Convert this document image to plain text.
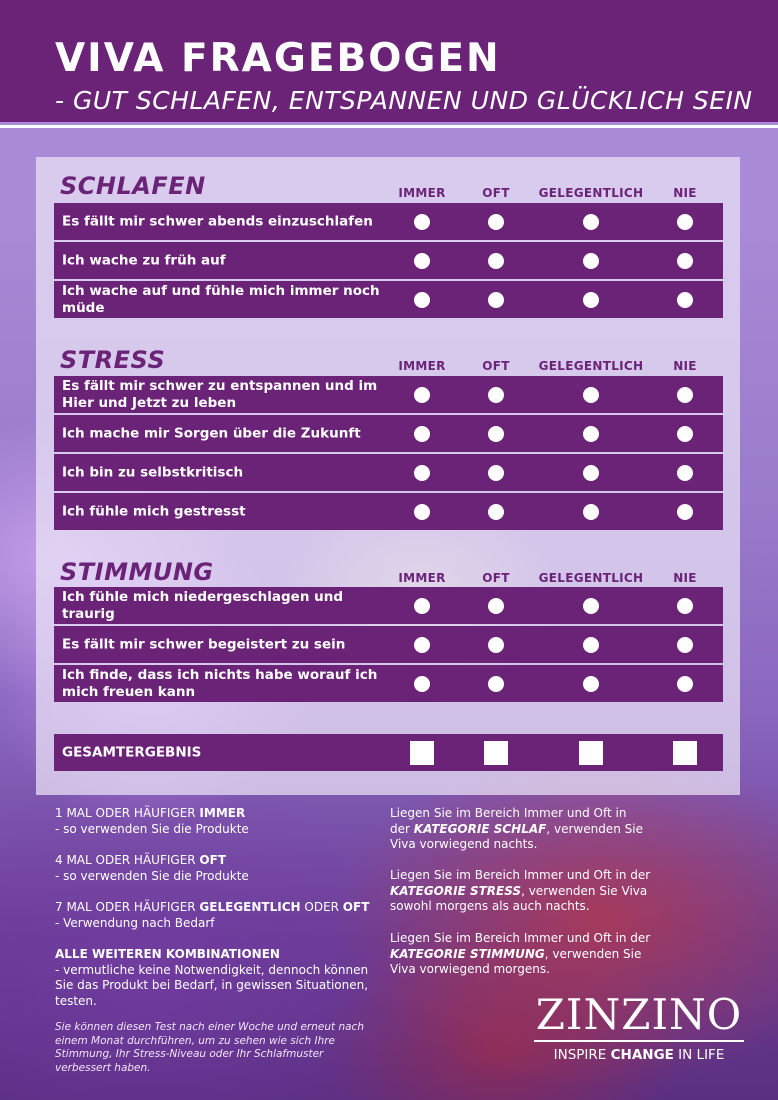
VIVA FRAGEBOGEN
- GUT SCHLAFEN, ENTSPANNEN UND GLÜCKLICH SEIN
SCHLAFEN	IMMER	OFT	GELEGENTLICH	NIE
Es fällt mir schwer abends einzuschlafen
Ich wache zu früh auf
Ich wache auf und fühle mich immer noch müde
STRESS	IMMER	OFT	GELEGENTLICH	NIE
Es fällt mir schwer zu entspannen und im Hier und Jetzt zu leben
Ich mache mir Sorgen über die Zukunft
Ich bin zu selbstkritisch
Ich fühle mich gestresst
STIMMUNG	IMMER	OFT	GELEGENTLICH	NIE
Ich fühle mich niedergeschlagen und traurig
Es fällt mir schwer begeistert zu sein
Ich finde, dass ich nichts habe worauf ich mich freuen kann
GESAMTERGEBNIS
1 MAL ODER HÄUFIGER IMMER
- so verwenden Sie die Produkte
4 MAL ODER HÄUFIGER OFT
- so verwenden Sie die Produkte
7 MAL ODER HÄUFIGER GELEGENTLICH ODER OFT
- Verwendung nach Bedarf
ALLE WEITEREN KOMBINATIONEN
- vermutliche keine Notwendigkeit, dennoch können Sie das Produkt bei Bedarf, in gewissen Situationen, testen.
Sie können diesen Test nach einer Woche und erneut nach einem Monat durchführen, um zu sehen wie sich Ihre Stimmung, Ihr Stress-Niveau oder Ihr Schlafmuster verbessert haben.
Liegen Sie im Bereich Immer und Oft in der KATEGORIE SCHLAF, verwenden Sie Viva vorwiegend nachts.
Liegen Sie im Bereich Immer und Oft in der KATEGORIE STRESS, verwenden Sie Viva sowohl morgens als auch nachts.
Liegen Sie im Bereich Immer und Oft in der KATEGORIE STIMMUNG, verwenden Sie Viva vorwiegend morgens.
ZINZINO
INSPIRE CHANGE IN LIFE
